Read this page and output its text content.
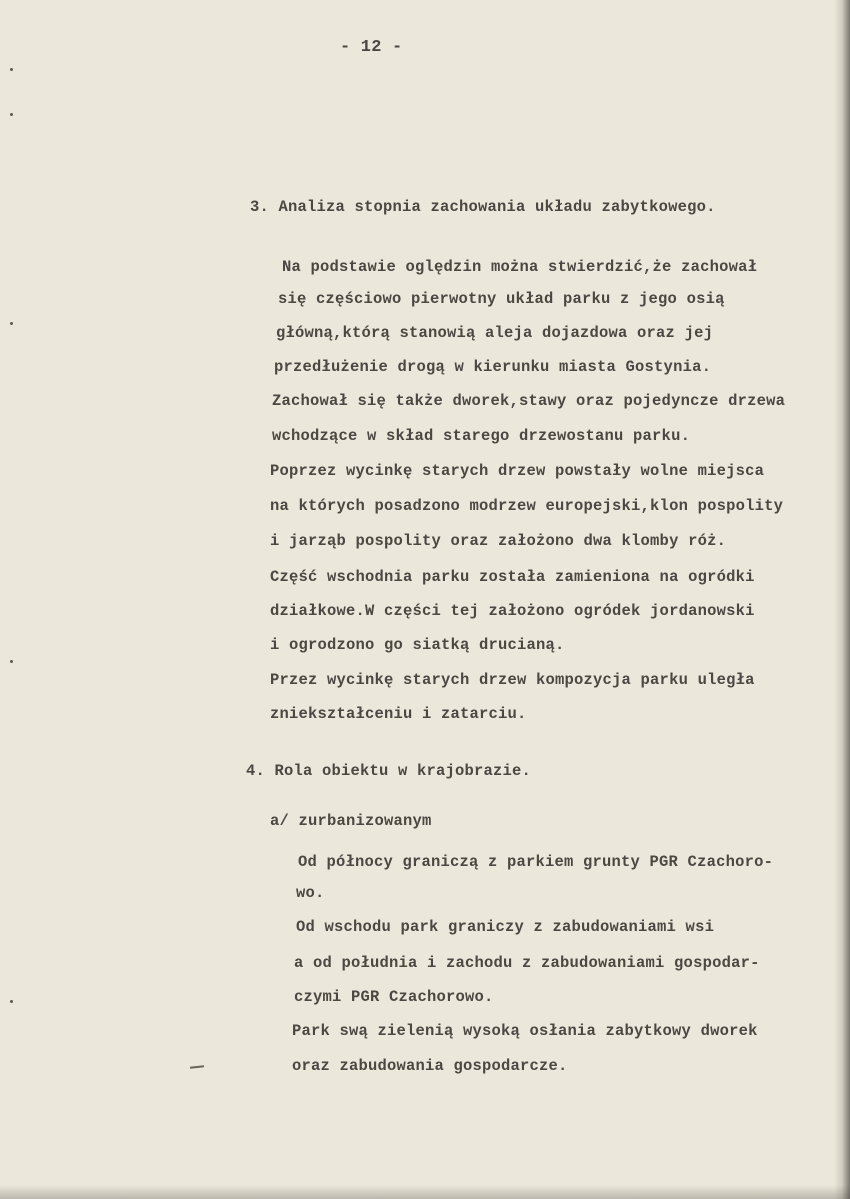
- 12 -
3. Analiza stopnia zachowania układu zabytkowego.
Na podstawie oględzin można stwierdzić,że zachował
się częściowo pierwotny układ parku z jego osią
główną,którą stanowią aleja dojazdowa oraz jej
przedłużenie drogą w kierunku miasta Gostynia.
Zachował się także dworek,stawy oraz pojedyncze drzewa
wchodzące w skład starego drzewostanu parku.
Poprzez wycinkę starych drzew powstały wolne miejsca
na których posadzono modrzew europejski,klon pospolity
i jarząb pospolity oraz założono dwa klomby róż.
Część wschodnia parku została zamieniona na ogródki
działkowe.W części tej założono ogródek jordanowski
i ogrodzono go siatką drucianą.
Przez wycinkę starych drzew kompozycja parku uległa
zniekształceniu i zatarciu.
4. Rola obiektu w krajobrazie.
a/ zurbanizowanym
Od północy graniczą z parkiem grunty PGR Czachoro-
wo.
Od wschodu park graniczy z zabudowaniami wsi
a od południa i zachodu z zabudowaniami gospodar-
czymi PGR Czachorowo.
Park swą zielenią wysoką osłania zabytkowy dworek
oraz zabudowania gospodarcze.
